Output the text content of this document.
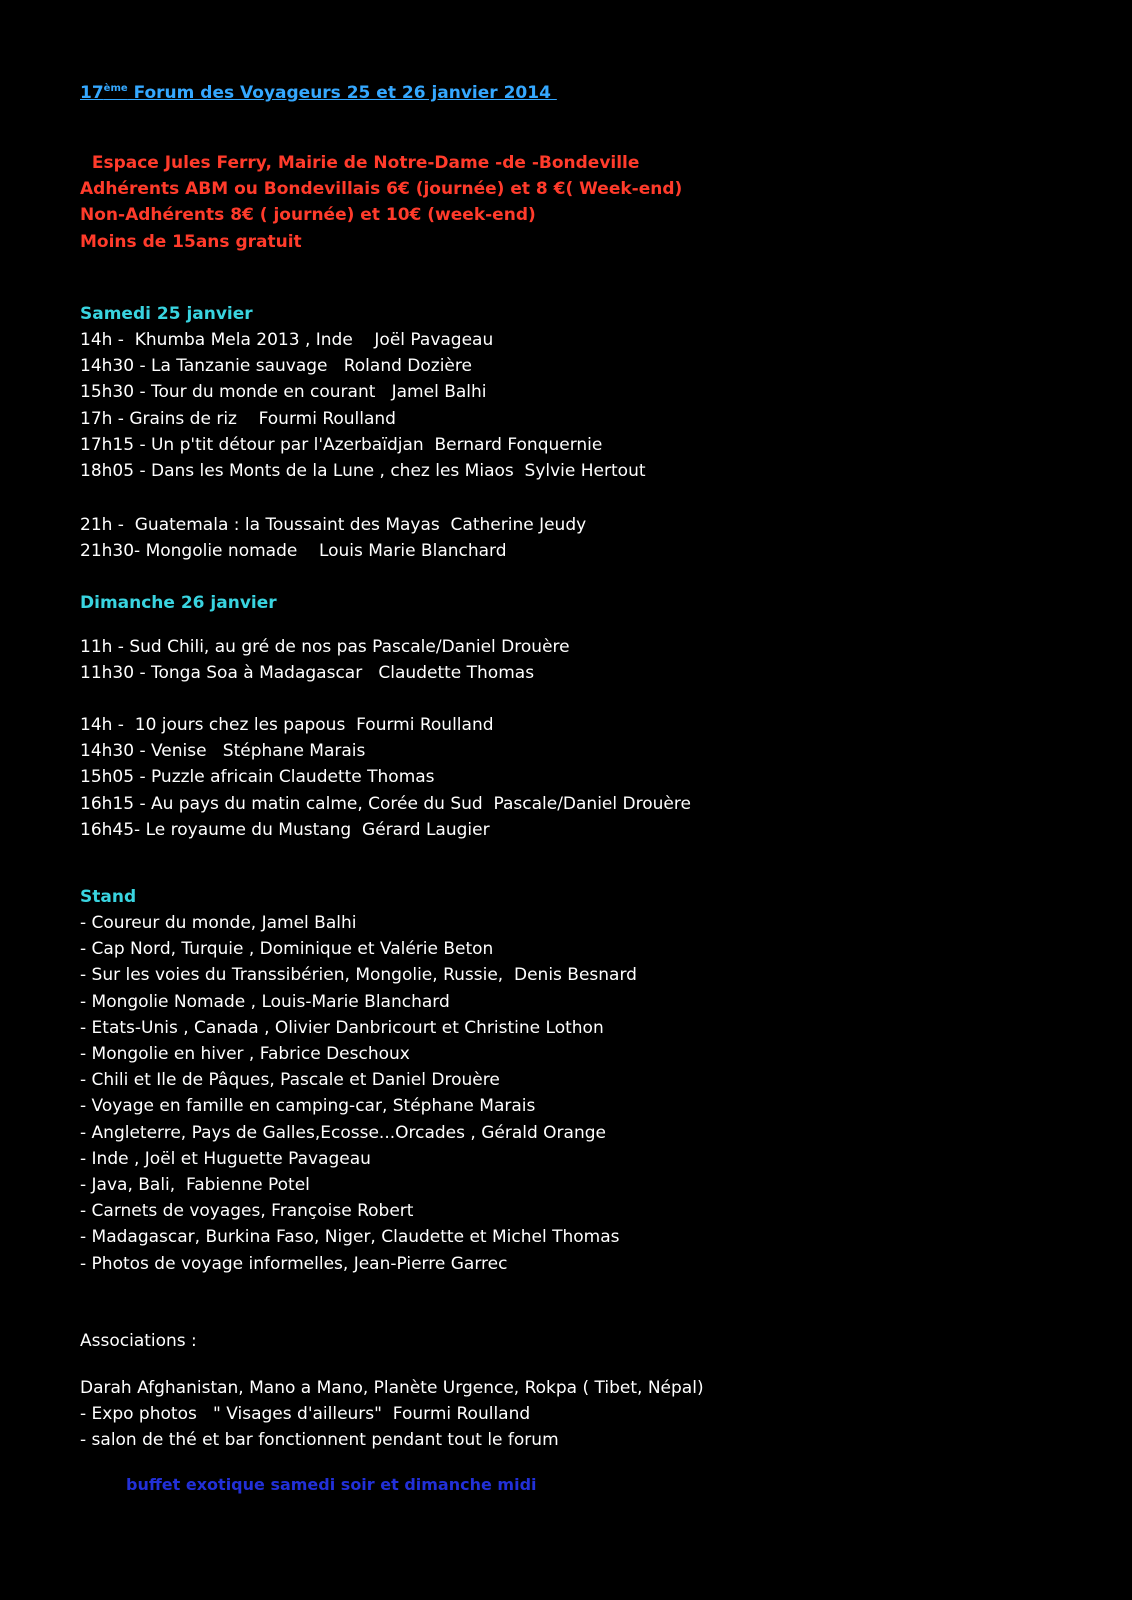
17ème Forum des Voyageurs 25 et 26 janvier 2014
Espace Jules Ferry, Mairie de Notre-Dame -de -Bondeville
Adhérents ABM ou Bondevillais 6€ (journée) et 8 €( Week-end)
Non-Adhérents 8€ ( journée) et 10€ (week-end)
Moins de 15ans gratuit
Samedi 25 janvier
14h -  Khumba Mela 2013 , Inde    Joël Pavageau
14h30 - La Tanzanie sauvage   Roland Dozière
15h30 - Tour du monde en courant   Jamel Balhi
17h - Grains de riz    Fourmi Roulland
17h15 - Un p'tit détour par l'Azerbaïdjan  Bernard Fonquernie
18h05 - Dans les Monts de la Lune , chez les Miaos  Sylvie Hertout
21h -  Guatemala : la Toussaint des Mayas  Catherine Jeudy
21h30- Mongolie nomade    Louis Marie Blanchard
Dimanche 26 janvier
11h - Sud Chili, au gré de nos pas Pascale/Daniel Drouère
11h30 - Tonga Soa à Madagascar   Claudette Thomas
14h -  10 jours chez les papous  Fourmi Roulland
14h30 - Venise   Stéphane Marais
15h05 - Puzzle africain Claudette Thomas
16h15 - Au pays du matin calme, Corée du Sud  Pascale/Daniel Drouère
16h45- Le royaume du Mustang  Gérard Laugier
Stand
- Coureur du monde, Jamel Balhi
- Cap Nord, Turquie , Dominique et Valérie Beton
- Sur les voies du Transsibérien, Mongolie, Russie,  Denis Besnard
- Mongolie Nomade , Louis-Marie Blanchard
- Etats-Unis , Canada , Olivier Danbricourt et Christine Lothon
- Mongolie en hiver , Fabrice Deschoux
- Chili et Ile de Pâques, Pascale et Daniel Drouère
- Voyage en famille en camping-car, Stéphane Marais
- Angleterre, Pays de Galles,Ecosse...Orcades , Gérald Orange
- Inde , Joël et Huguette Pavageau
- Java, Bali,  Fabienne Potel
- Carnets de voyages, Françoise Robert
- Madagascar, Burkina Faso, Niger, Claudette et Michel Thomas
- Photos de voyage informelles, Jean-Pierre Garrec
Associations :
Darah Afghanistan, Mano a Mano, Planète Urgence, Rokpa ( Tibet, Népal)
- Expo photos   " Visages d'ailleurs"  Fourmi Roulland
- salon de thé et bar fonctionnent pendant tout le forum
buffet exotique samedi soir et dimanche midi
